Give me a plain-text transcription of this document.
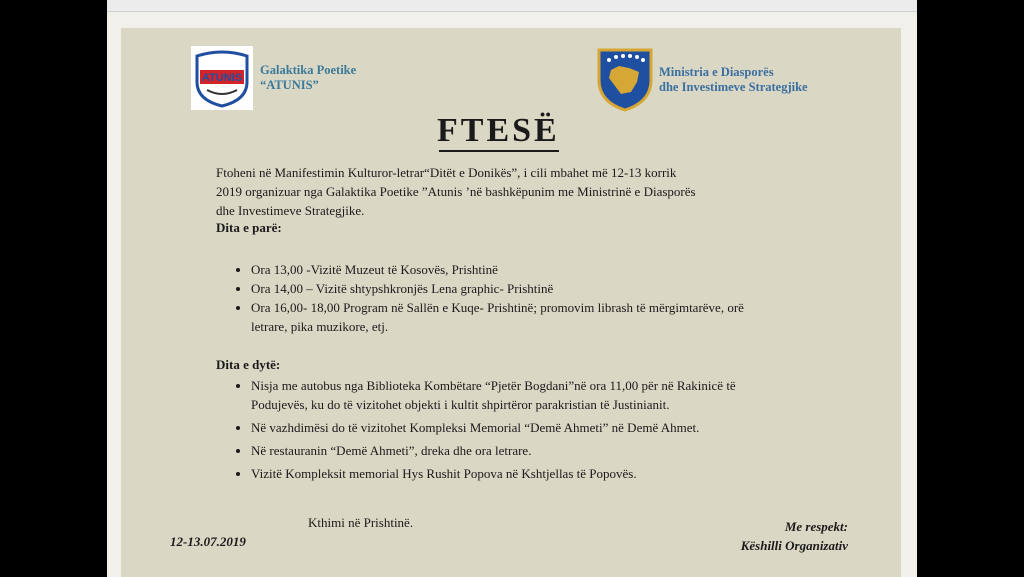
ATUNIS
Galaktika Poetike
“ATUNIS”
Ministria e Diasporës
dhe Investimeve Strategjike
FTESË
Ftoheni në Manifestimin Kulturor-letrar“Ditët e Donikës”, i cili mbahet më 12-13 korrik
2019 organizuar nga Galaktika Poetike ”Atunis ’në bashkëpunim me Ministrinë e Diasporës
dhe Investimeve Strategjike.
Dita e parë:
• Ora 13,00 -Vizitë Muzeut të Kosovës, Prishtinë
• Ora 14,00 – Vizitë shtypshkronjës Lena graphic- Prishtinë
• Ora 16,00- 18,00 Program në Sallën e Kuqe- Prishtinë; promovim librash të mërgimtarëve, orë letrare, pika muzikore, etj.
Dita e dytë:
• Nisja me autobus nga Biblioteka Kombëtare “Pjetër Bogdani”në ora 11,00 për në Rakinicë të Podujevës, ku do të vizitohet objekti i kultit shpirtëror parakristian të Justinianit.
• Në vazhdimësi do të vizitohet Kompleksi Memorial “Demë Ahmeti” në Demë Ahmet.
• Në restauranin “Demë Ahmeti”, dreka dhe ora letrare.
• Vizitë Kompleksit memorial Hys Rushit Popova në Kshtjellas të Popovës.
Kthimi në Prishtinë.
12-13.07.2019
Me respekt:
Këshilli Organizativ
